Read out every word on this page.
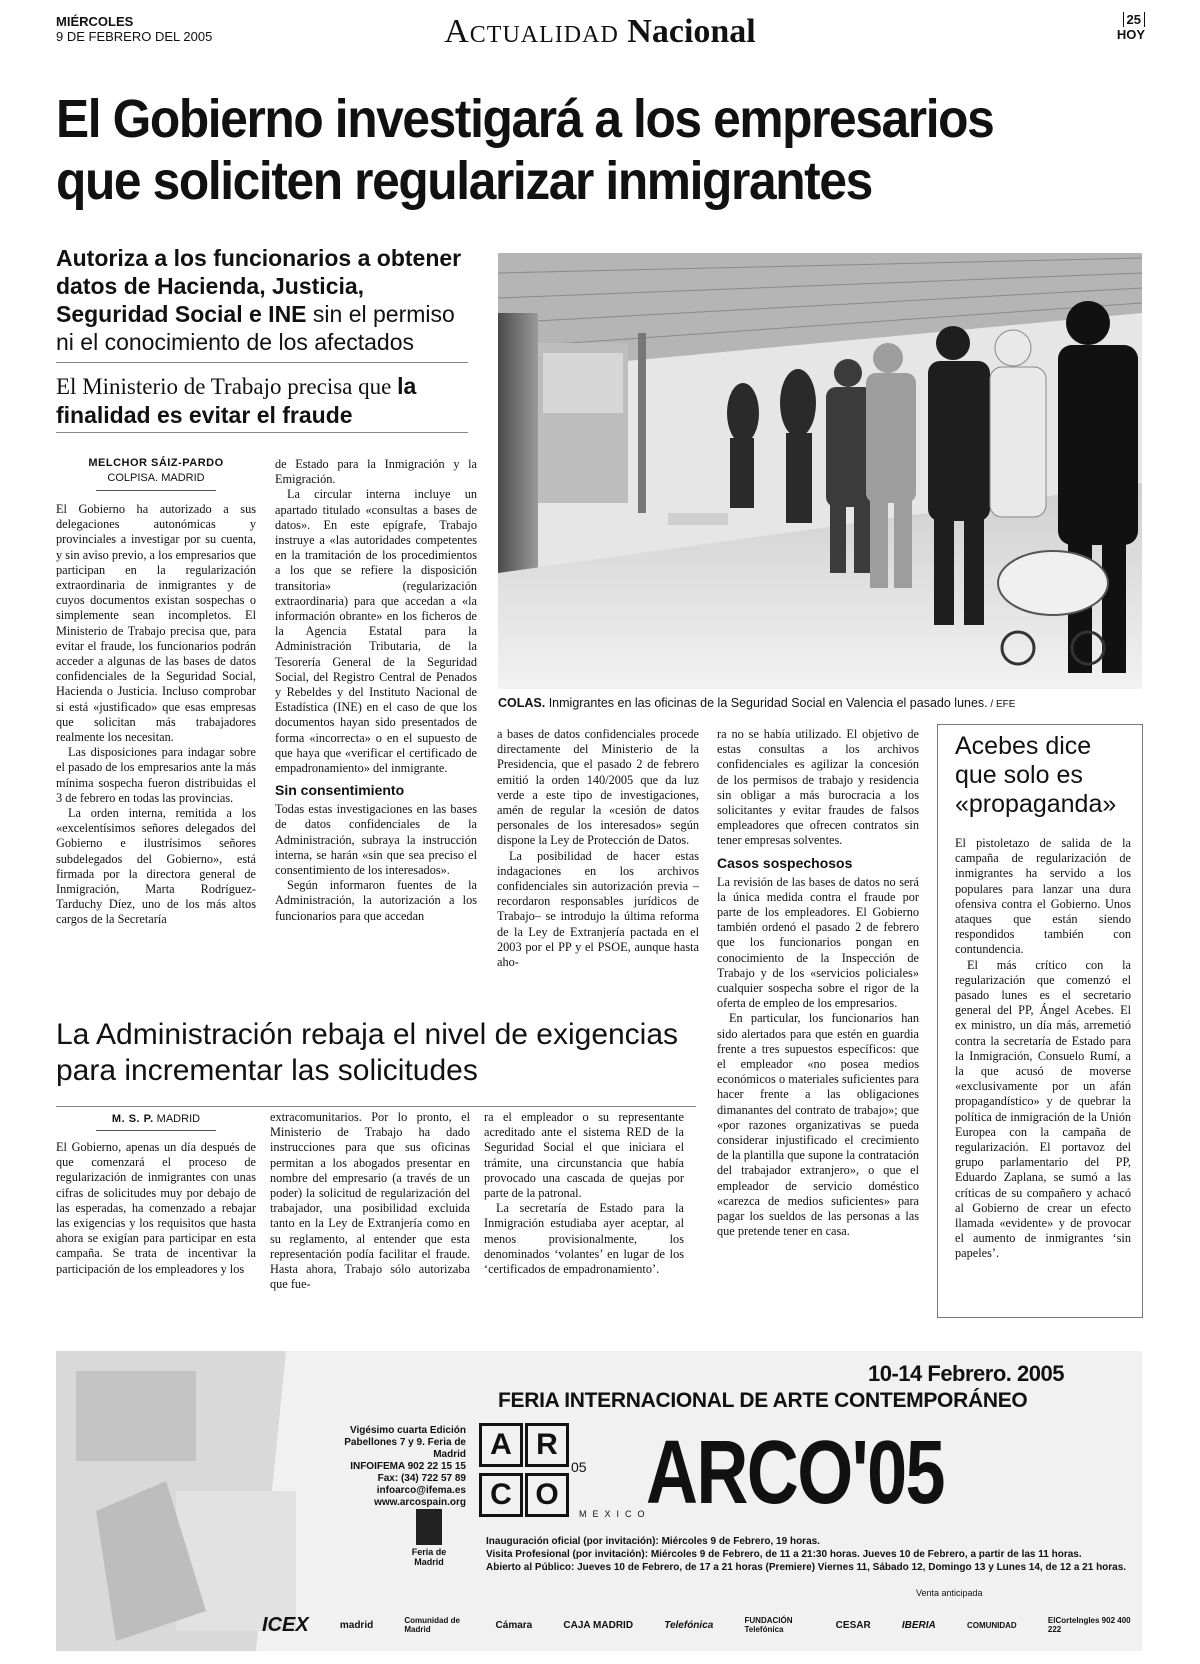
MIÉRCOLES
9 DE FEBRERO DEL 2005	Actualidad Nacional	25
HOY
El Gobierno investigará a los empresarios
que soliciten regularizar inmigrantes
Autoriza a los funcionarios a obtener datos de Hacienda, Justicia, Seguridad Social e INE sin el permiso ni el conocimiento de los afectados
El Ministerio de Trabajo precisa que la finalidad es evitar el fraude
MELCHOR SÁIZ-PARDO
COLPISA. MADRID

El Gobierno ha autorizado a sus delegaciones autonómicas y provinciales a investigar por su cuenta, y sin aviso previo, a los empresarios que participan en la regularización extraordinaria de inmigrantes y de cuyos documentos existan sospechas o simplemente sean incompletos. El Ministerio de Trabajo precisa que, para evitar el fraude, los funcionarios podrán acceder a algunas de las bases de datos confidenciales de la Seguridad Social, Hacienda o Justicia. Incluso comprobar si está «justificado» que esas empresas que solicitan más trabajadores realmente los necesitan.

Las disposiciones para indagar sobre el pasado de los empresarios ante la más mínima sospecha fueron distribuidas el 3 de febrero en todas las provincias.

La orden interna, remitida a los «excelentísimos señores delegados del Gobierno e ilustrísimos señores subdelegados del Gobierno», está firmada por la directora general de Inmigración, Marta Rodríguez-Tarduchy Díez, uno de los más altos cargos de la Secretaría

de Estado para la Inmigración y la Emigración.

La circular interna incluye un apartado titulado «consultas a bases de datos». En este epígrafe, Trabajo instruye a «las autoridades competentes en la tramitación de los procedimientos a los que se refiere la disposición transitoria» (regularización extraordinaria) para que accedan a «la información obrante» en los ficheros de la Agencia Estatal para la Administración Tributaria, de la Tesorería General de la Seguridad Social, del Registro Central de Penados y Rebeldes y del Instituto Nacional de Estadística (INE) en el caso de que los documentos hayan sido presentados de forma «incorrecta» o en el supuesto de que haya que «verificar el certificado de empadronamiento» del inmigrante.

Sin consentimiento

Todas estas investigaciones en las bases de datos confidenciales de la Administración, subraya la instrucción interna, se harán «sin que sea preciso el consentimiento de los interesados».

Según informaron fuentes de la Administración, la autorización a los funcionarios para que accedan

COLAS. Inmigrantes en las oficinas de la Seguridad Social en Valencia el pasado lunes. / EFE

a bases de datos confidenciales procede directamente del Ministerio de la Presidencia, que el pasado 2 de febrero emitió la orden 140/2005 que da luz verde a este tipo de investigaciones, amén de regular la «cesión de datos personales de los interesados» según dispone la Ley de Protección de Datos.

La posibilidad de hacer estas indagaciones en los archivos confidenciales sin autorización previa –recordaron responsables jurídicos de Trabajo– se introdujo la última reforma de la Ley de Extranjería pactada en el 2003 por el PP y el PSOE, aunque hasta aho-

ra no se había utilizado. El objetivo de estas consultas a los archivos confidenciales es agilizar la concesión de los permisos de trabajo y residencia sin obligar a más burocracia a los solicitantes y evitar fraudes de falsos empleadores que ofrecen contratos sin tener empresas solventes.

Casos sospechosos

La revisión de las bases de datos no será la única medida contra el fraude por parte de los empleadores. El Gobierno también ordenó el pasado 2 de febrero que los funcionarios pongan en conocimiento de la Inspección de Trabajo y de los «servicios policiales» cualquier sospecha sobre el rigor de la oferta de empleo de los empresarios.

En particular, los funcionarios han sido alertados para que estén en guardia frente a tres supuestos específicos: que el empleador «no posea medios económicos o materiales suficientes para hacer frente a las obligaciones dimanantes del contrato de trabajo»; que «por razones organizativas se pueda considerar injustificado el crecimiento de la plantilla que supone la contratación del trabajador extranjero», o que el empleador de servicio doméstico «carezca de medios suficientes» para pagar los sueldos de las personas a las que pretende tener en casa.

Acebes dice que solo es «propaganda»

El pistoletazo de salida de la campaña de regularización de inmigrantes ha servido a los populares para lanzar una dura ofensiva contra el Gobierno. Unos ataques que están siendo respondidos también con contundencia.

El más crítico con la regularización que comenzó el pasado lunes es el secretario general del PP, Ángel Acebes. El ex ministro, un día más, arremetió contra la secretaría de Estado para la Inmigración, Consuelo Rumí, a la que acusó de moverse «exclusivamente por un afán propagandístico» y de quebrar la política de inmigración de la Unión Europea con la campaña de regularización. El portavoz del grupo parlamentario del PP, Eduardo Zaplana, se sumó a las críticas de su compañero y achacó al Gobierno de crear un efecto llamada «evidente» y de provocar el aumento de inmigrantes ‘sin papeles’.

La Administración rebaja el nivel de exigencias para incrementar las solicitudes
M. S. P. MADRID

El Gobierno, apenas un día después de que comenzará el proceso de regularización de inmigrantes con unas cifras de solicitudes muy por debajo de las esperadas, ha comenzado a rebajar las exigencias y los requisitos que hasta ahora se exigían para participar en esta campaña. Se trata de incentivar la participación de los empleadores y los

extracomunitarios. Por lo pronto, el Ministerio de Trabajo ha dado instrucciones para que sus oficinas permitan a los abogados presentar en nombre del empresario (a través de un poder) la solicitud de regularización del trabajador, una posibilidad excluida tanto en la Ley de Extranjería como en su reglamento, al entender que esta representación podía facilitar el fraude. Hasta ahora, Trabajo sólo autorizaba que fue-

ra el empleador o su representante acreditado ante el sistema RED de la Seguridad Social el que iniciara el trámite, una circunstancia que había provocado una cascada de quejas por parte de la patronal.

La secretaría de Estado para la Inmigración estudiaba ayer aceptar, al menos provisionalmente, los denominados ‘volantes’ en lugar de los ‘certificados de empadronamiento’.

10-14 Febrero. 2005
FERIA INTERNACIONAL DE ARTE CONTEMPORÁNEO
Vigésimo cuarta Edición
Pabellones 7 y 9. Feria de Madrid
INFOIFEMA 902 22 15 15
Fax: (34) 722 57 89
infoarco@ifema.es
www.arcospain.org
Feria de Madrid
A R
C O
05
MEXICO
ARCO'05
Inauguración oficial (por invitación): Miércoles 9 de Febrero, 19 horas.
Visita Profesional (por invitación): Miércoles 9 de Febrero, de 11 a 21:30 horas. Jueves 10 de Febrero, a partir de las 11 horas.
Abierto al Público: Jueves 10 de Febrero, de 17 a 21 horas (Premiere) Viernes 11, Sábado 12, Domingo 13 y Lunes 14, de 12 a 21 horas.
Venta anticipada
ICEX	madrid	Comunidad de Madrid	Cámara	CAJA MADRID	Telefónica	FUNDACIÓN Telefónica	CESAR	IBERIA	COMUNIDAD	ElCorteIngles 902 400 222
